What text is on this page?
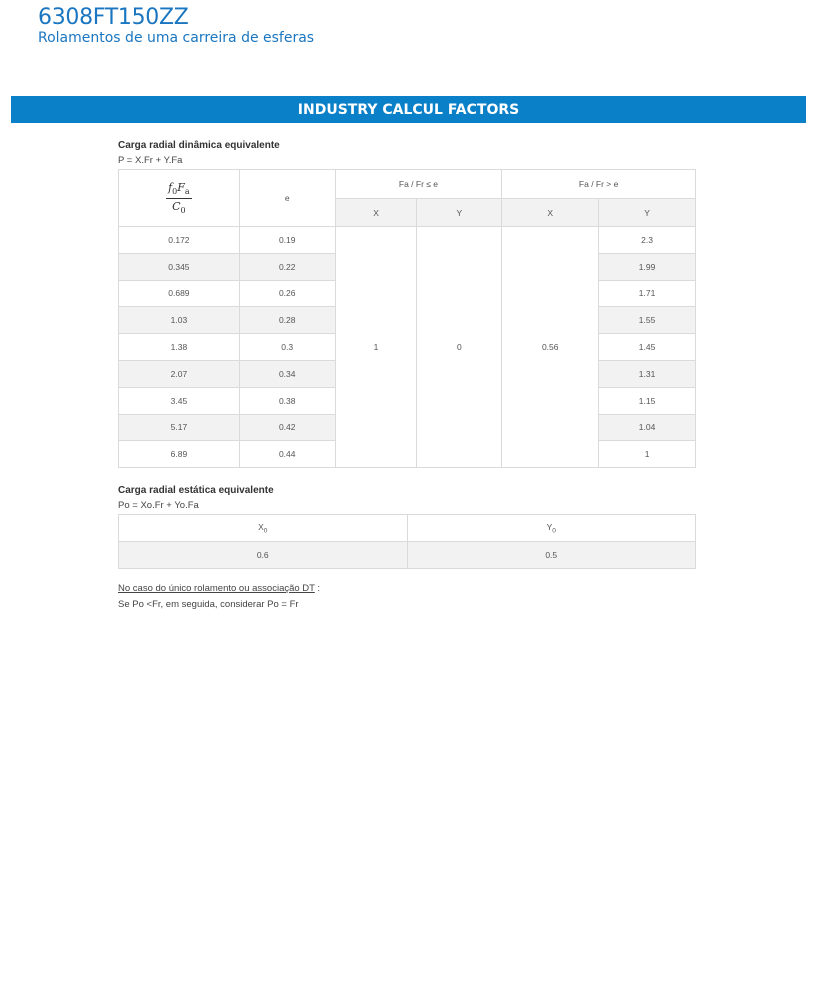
6308FT150ZZ
Rolamentos de uma carreira de esferas
INDUSTRY CALCUL FACTORS
Carga radial dinâmica equivalente
P = X.Fr + Y.Fa
$\frac{f_0F_a}{C_0}$	e	Fa / Fr ≤ e		Fa / Fr > e	
		X	Y	X	Y
0.172	0.19	1	0	0.56	2.3
0.345	0.22				1.99
0.689	0.26				1.71
1.03	0.28				1.55
1.38	0.3				1.45
2.07	0.34				1.31
3.45	0.38				1.15
5.17	0.42				1.04
6.89	0.44				1
Carga radial estática equivalente
Po = Xo.Fr + Yo.Fa
$X_0$	$Y_0$
0.6	0.5
No caso do único rolamento ou associação DT :
Se Po <Fr, em seguida, considerar Po = Fr
